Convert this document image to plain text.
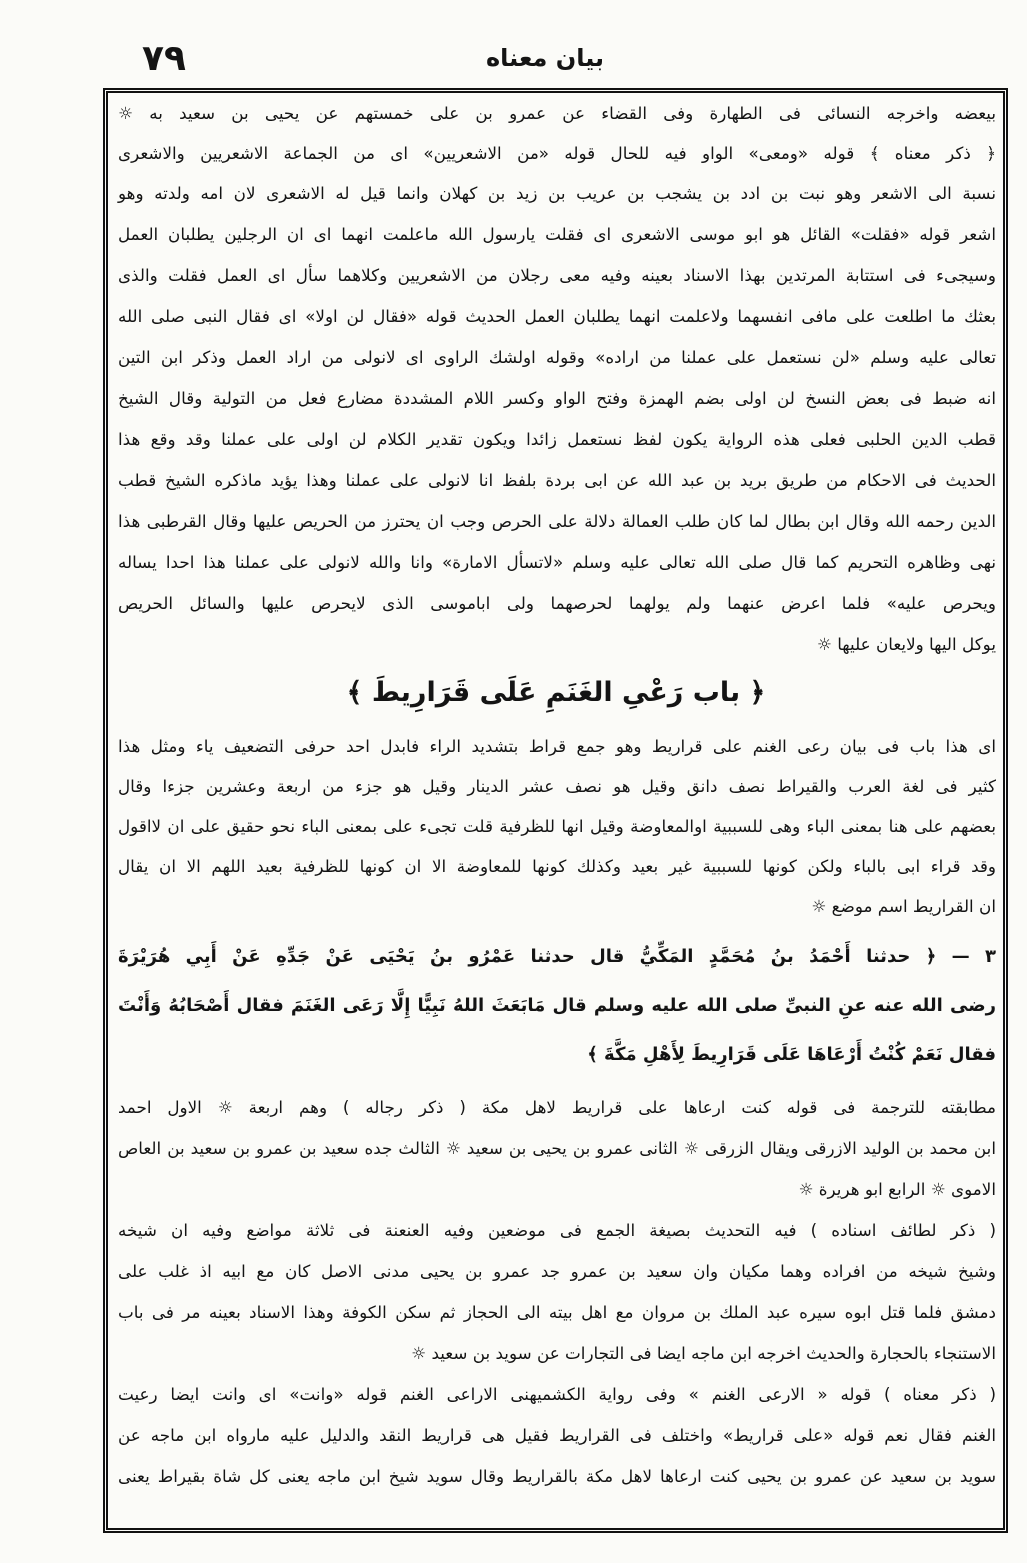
٧٩	بيان معناه
بيعضه واخرجه النسائى فى الطهارة وفى القضاء عن عمرو بن على خمستهم عن يحيى بن سعيد به ☼
﴿ ذكر معناه ﴾ قوله «ومعى» الواو فيه للحال قوله «من الاشعريين» اى من الجماعة الاشعريين والاشعرى
نسبة الى الاشعر وهو نبت بن ادد بن يشجب بن عريب بن زيد بن كهلان وانما قيل له الاشعرى لان امه ولدته وهو
اشعر قوله «فقلت» القائل هو ابو موسى الاشعرى اى فقلت يارسول الله ماعلمت انهما اى ان الرجلين يطلبان العمل
وسيجىء فى استتابة المرتدين بهذا الاسناد بعينه وفيه معى رجلان من الاشعريين وكلاهما سأل اى العمل فقلت والذى
بعثك ما اطلعت على مافى انفسهما ولاعلمت انهما يطلبان العمل الحديث قوله «فقال لن اولا» اى فقال النبى صلى الله
تعالى عليه وسلم «لن نستعمل على عملنا من اراده» وقوله اولشك الراوى اى لانولى من اراد العمل وذكر ابن التين
انه ضبط فى بعض النسخ لن اولى بضم الهمزة وفتح الواو وكسر اللام المشددة مضارع فعل من التولية وقال الشيخ
قطب الدين الحلبى فعلى هذه الرواية يكون لفظ نستعمل زائدا ويكون تقدير الكلام لن اولى على عملنا وقد وقع هذا
الحديث فى الاحكام من طريق بريد بن عبد الله عن ابى بردة بلفظ انا لانولى على عملنا وهذا يؤيد ماذكره الشيخ قطب
الدين رحمه الله وقال ابن بطال لما كان طلب العمالة دلالة على الحرص وجب ان يحترز من الحريص عليها وقال القرطبى هذا
نهى وظاهره التحريم كما قال صلى الله تعالى عليه وسلم «لاتسأل الامارة» وانا والله لانولى على عملنا هذا احدا يساله
ويحرص عليه» فلما اعرض عنهما ولم يولهما لحرصهما ولى اباموسى الذى لايحرص عليها والسائل الحريص
يوكل اليها ولايعان عليها ☼
﴿ باب رَعْىِ الغَنَمِ عَلَى قَرَارِيطَ ﴾
اى هذا باب فى بيان رعى الغنم على قراريط وهو جمع قراط بتشديد الراء فابدل احد حرفى التضعيف ياء ومثل هذا
كثير فى لغة العرب والقيراط نصف دانق وقيل هو نصف عشر الدينار وقيل هو جزء من اربعة وعشرين جزءا وقال
بعضهم على هنا بمعنى الباء وهى للسببية اوالمعاوضة وقيل انها للظرفية قلت تجىء على بمعنى الباء نحو حقيق على ان لااقول
وقد قراء ابى بالباء ولكن كونها للسببية غير بعيد وكذلك كونها للمعاوضة الا ان كونها للظرفية بعيد اللهم الا ان يقال
ان القراريط اسم موضع ☼
٣ — ﴿ حدثنا أَحْمَدُ بنُ مُحَمَّدٍ المَكِّيُّ قال حدثنا عَمْرُو بنُ يَحْيَى عَنْ جَدِّهِ عَنْ أَبِي هُرَيْرَةَ
رضى الله عنه عنِ النبىِّ صلى الله عليه وسلم قال مَابَعَثَ اللهُ نَبِيًّا إِلَّا رَعَى الغَنَمَ فقال أَصْحَابُهُ وَأَنْتَ
فقال نَعَمْ كُنْتُ أَرْعَاهَا عَلَى قَرَارِيطَ لِأَهْلِ مَكَّةَ ﴾
مطابقته للترجمة فى قوله كنت ارعاها على قراريط لاهل مكة ( ذكر رجاله ) وهم اربعة ☼ الاول احمد
ابن محمد بن الوليد الازرقى ويقال الزرقى ☼ الثانى عمرو بن يحيى بن سعيد ☼ الثالث جده سعيد بن عمرو بن سعيد بن العاص
الاموى ☼ الرابع ابو هريرة ☼
( ذكر لطائف اسناده ) فيه التحديث بصيغة الجمع فى موضعين وفيه العنعنة فى ثلاثة مواضع وفيه ان شيخه
وشيخ شيخه من افراده وهما مكيان وان سعيد بن عمرو جد عمرو بن يحيى مدنى الاصل كان مع ابيه اذ غلب على
دمشق فلما قتل ابوه سيره عبد الملك بن مروان مع اهل بيته الى الحجاز ثم سكن الكوفة وهذا الاسناد بعينه مر فى باب
الاستنجاء بالحجارة والحديث اخرجه ابن ماجه ايضا فى التجارات عن سويد بن سعيد ☼
( ذكر معناه ) قوله « الارعى الغنم » وفى رواية الكشميهنى الاراعى الغنم قوله «وانت» اى وانت ايضا رعيت
الغنم فقال نعم قوله «على قراريط» واختلف فى القراريط فقيل هى قراريط النقد والدليل عليه مارواه ابن ماجه عن
سويد بن سعيد عن عمرو بن يحيى كنت ارعاها لاهل مكة بالقراريط وقال سويد شيخ ابن ماجه يعنى كل شاة بقيراط يعنى
